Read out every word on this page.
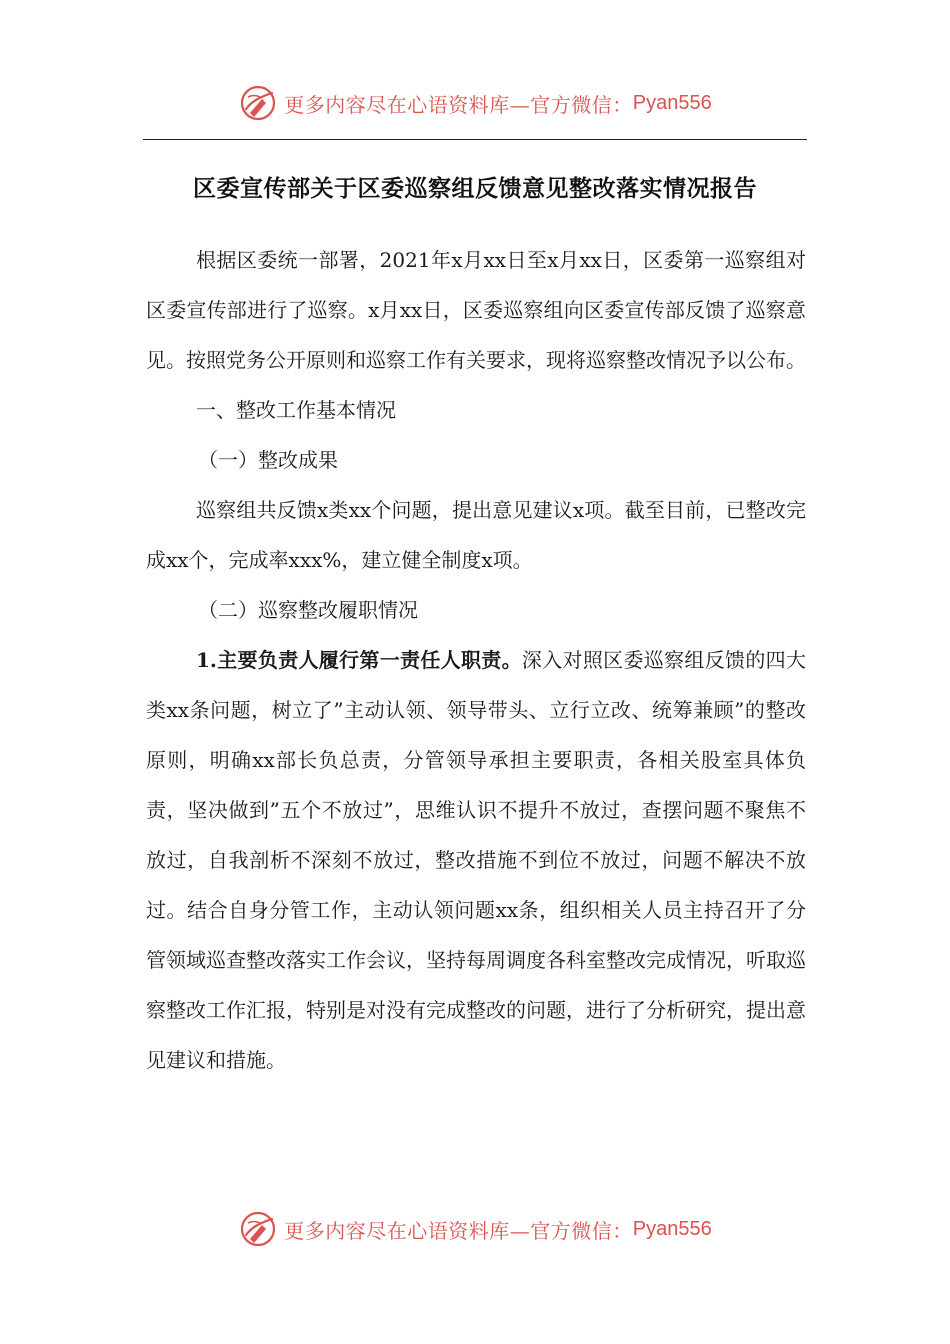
更多内容尽在心语资料库—官方微信： Pyan556
区委宣传部关于区委巡察组反馈意见整改落实情况报告

根据区委统一部署，2021年x月xx日至x月xx日，区委第一巡察组对区委宣传部进行了巡察。x月xx日，区委巡察组向区委宣传部反馈了巡察意见。按照党务公开原则和巡察工作有关要求，现将巡察整改情况予以公布。

一、整改工作基本情况

（一）整改成果

巡察组共反馈x类xx个问题，提出意见建议x项。截至目前，已整改完成xx个，完成率xxx%，建立健全制度x项。

（二）巡察整改履职情况

1.主要负责人履行第一责任人职责。深入对照区委巡察组反馈的四大类xx条问题，树立了”主动认领、领导带头、立行立改、统筹兼顾”的整改原则，明确xx部长负总责，分管领导承担主要职责，各相关股室具体负责，坚决做到”五个不放过”，思维认识不提升不放过，查摆问题不聚焦不放过，自我剖析不深刻不放过，整改措施不到位不放过，问题不解决不放过。结合自身分管工作，主动认领问题xx条，组织相关人员主持召开了分管领域巡查整改落实工作会议，坚持每周调度各科室整改完成情况，听取巡察整改工作汇报，特别是对没有完成整改的问题，进行了分析研究，提出意见建议和措施。

更多内容尽在心语资料库—官方微信： Pyan556
